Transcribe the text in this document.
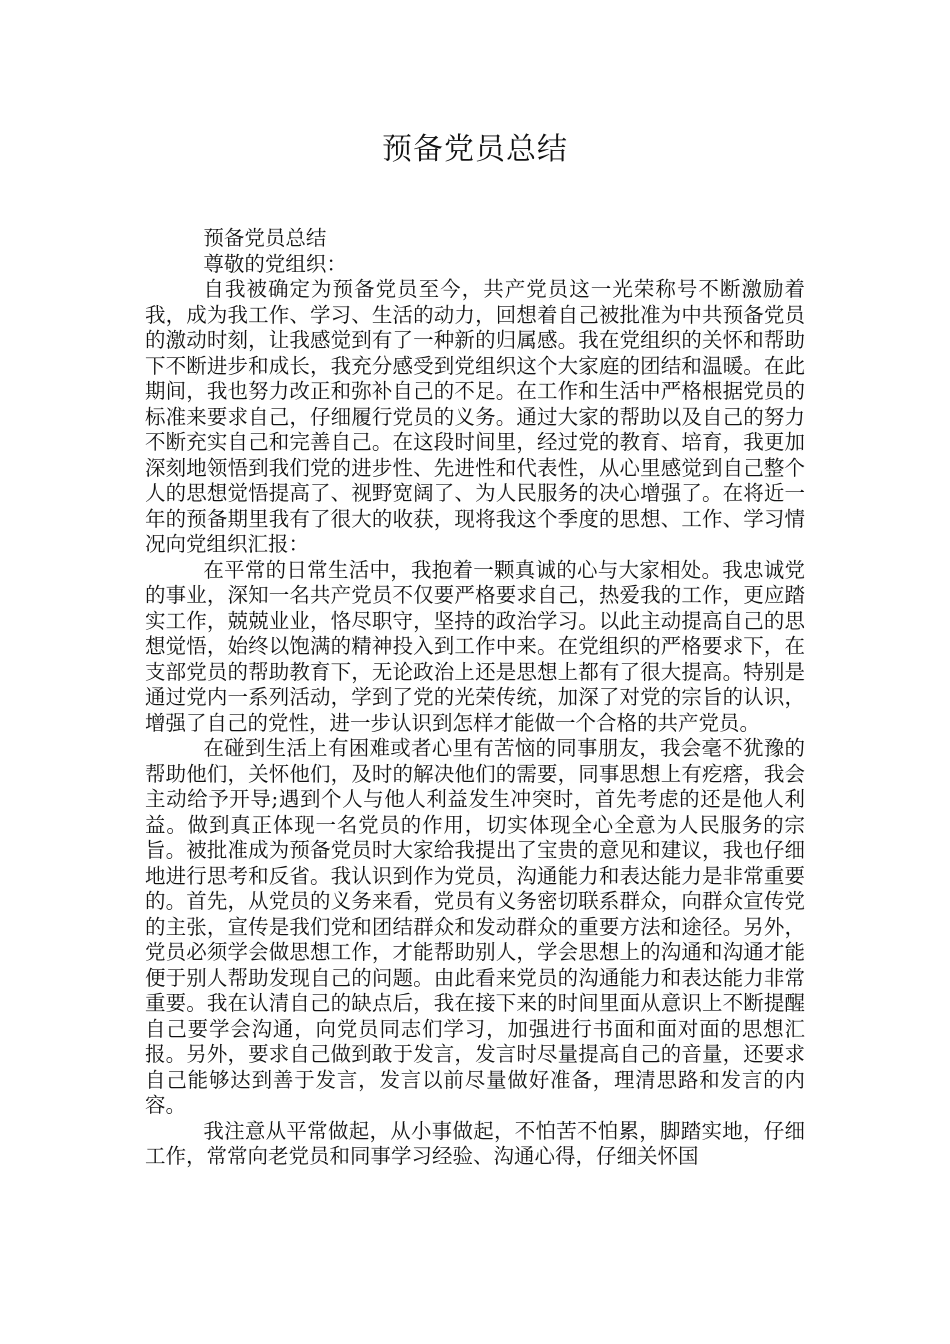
预备党员总结

预备党员总结

尊敬的党组织：

自我被确定为预备党员至今，共产党员这一光荣称号不断激励着我，成为我工作、学习、生活的动力，回想着自己被批准为中共预备党员的激动时刻，让我感觉到有了一种新的归属感。我在党组织的关怀和帮助下不断进步和成长，我充分感受到党组织这个大家庭的团结和温暖。在此期间，我也努力改正和弥补自己的不足。在工作和生活中严格根据党员的标准来要求自己，仔细履行党员的义务。通过大家的帮助以及自己的努力不断充实自己和完善自己。在这段时间里，经过党的教育、培育，我更加深刻地领悟到我们党的进步性、先进性和代表性，从心里感觉到自己整个人的思想觉悟提高了、视野宽阔了、为人民服务的决心增强了。在将近一年的预备期里我有了很大的收获，现将我这个季度的思想、工作、学习情况向党组织汇报：

在平常的日常生活中，我抱着一颗真诚的心与大家相处。我忠诚党的事业，深知一名共产党员不仅要严格要求自己，热爱我的工作，更应踏实工作，兢兢业业，恪尽职守，坚持的政治学习。以此主动提高自己的思想觉悟，始终以饱满的精神投入到工作中来。在党组织的严格要求下，在支部党员的帮助教育下，无论政治上还是思想上都有了很大提高。特别是通过党内一系列活动，学到了党的光荣传统，加深了对党的宗旨的认识，增强了自己的党性，进一步认识到怎样才能做一个合格的共产党员。

在碰到生活上有困难或者心里有苦恼的同事朋友，我会毫不犹豫的帮助他们，关怀他们，及时的解决他们的需要，同事思想上有疙瘩，我会主动给予开导;遇到个人与他人利益发生冲突时，首先考虑的还是他人利益。做到真正体现一名党员的作用，切实体现全心全意为人民服务的宗旨。被批准成为预备党员时大家给我提出了宝贵的意见和建议，我也仔细地进行思考和反省。我认识到作为党员，沟通能力和表达能力是非常重要的。首先，从党员的义务来看，党员有义务密切联系群众，向群众宣传党的主张，宣传是我们党和团结群众和发动群众的重要方法和途径。另外，党员必须学会做思想工作，才能帮助别人，学会思想上的沟通和沟通才能便于别人帮助发现自己的问题。由此看来党员的沟通能力和表达能力非常重要。我在认清自己的缺点后，我在接下来的时间里面从意识上不断提醒自己要学会沟通，向党员同志们学习，加强进行书面和面对面的思想汇报。另外，要求自己做到敢于发言，发言时尽量提高自己的音量，还要求自己能够达到善于发言，发言以前尽量做好准备，理清思路和发言的内容。

我注意从平常做起，从小事做起，不怕苦不怕累，脚踏实地，仔细工作，常常向老党员和同事学习经验、沟通心得，仔细关怀国
